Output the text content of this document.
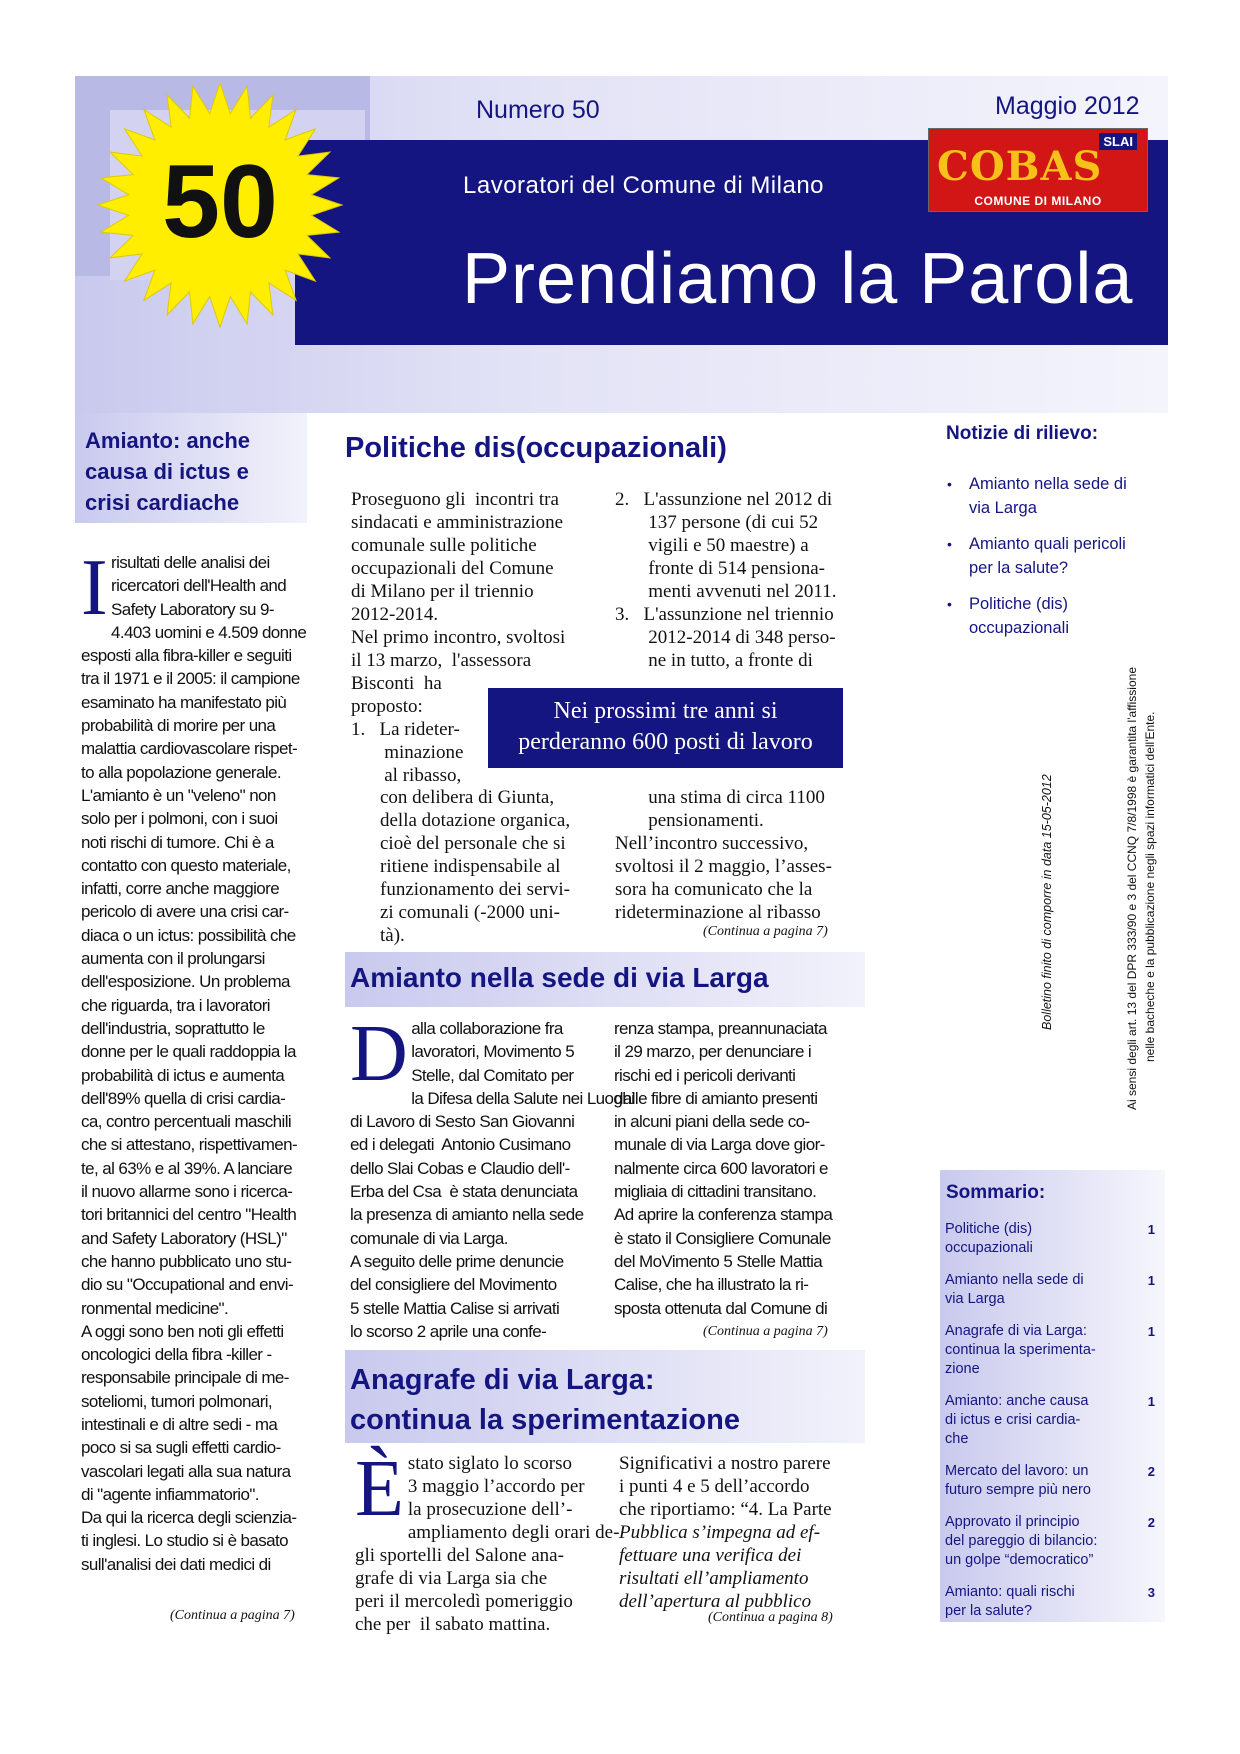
50
Numero 50	Maggio 2012
Lavoratori del Comune di Milano
Prendiamo la Parola
SLAI
COBAS
COMUNE DI MILANO
Amianto: anche
causa di ictus e
crisi cardiache
I risultati delle analisi dei
ricercatori dell'Health and
Safety Laboratory su 9-
4.403 uomini e 4.509 donne
esposti alla fibra-killer e seguiti
tra il 1971 e il 2005: il campione
esaminato ha manifestato più
probabilità di morire per una
malattia cardiovascolare rispet-
to alla popolazione generale.
L'amianto è un "veleno" non
solo per i polmoni, con i suoi
noti rischi di tumore. Chi è a
contatto con questo materiale,
infatti, corre anche maggiore
pericolo di avere una crisi car-
diaca o un ictus: possibilità che
aumenta con il prolungarsi
dell'esposizione. Un problema
che riguarda, tra i lavoratori
dell'industria, soprattutto le
donne per le quali raddoppia la
probabilità di ictus e aumenta
dell'89% quella di crisi cardia-
ca, contro percentuali maschili
che si attestano, rispettivamen-
te, al 63% e al 39%. A lanciare
il nuovo allarme sono i ricerca-
tori britannici del centro "Health
and Safety Laboratory (HSL)"
che hanno pubblicato uno stu-
dio su "Occupational and envi-
ronmental medicine".
A oggi sono ben noti gli effetti
oncologici della fibra -killer -
responsabile principale di me-
soteliomi, tumori polmonari,
intestinali e di altre sedi - ma
poco si sa sugli effetti cardio-
vascolari legati alla sua natura
di "agente infiammatorio".
Da qui la ricerca degli scienzia-
ti inglesi. Lo studio si è basato
sull'analisi dei dati medici di
(Continua a pagina 7)
Politiche dis(occupazionali)
Proseguono gli  incontri tra
sindacati e amministrazione
comunale sulle politiche
occupazionali del Comune
di Milano per il triennio
2012-2014.
Nel primo incontro, svoltosi
il 13 marzo,  l'assessora
Bisconti  ha
proposto:
1.   La rideter-
minazione
al ribasso,
2.   L'assunzione nel 2012 di
137 persone (di cui 52
vigili e 50 maestre) a
fronte di 514 pensiona-
menti avvenuti nel 2011.
3.   L'assunzione nel triennio
2012-2014 di 348 perso-
ne in tutto, a fronte di
Nei prossimi tre anni si
perderanno 600 posti di lavoro
con delibera di Giunta,
della dotazione organica,
cioè del personale che si
ritiene indispensabile al
funzionamento dei servi-
zi comunali (-2000 uni-
tà).
una stima di circa 1100
pensionamenti.
Nell’incontro successivo,
svoltosi il 2 maggio, l’asses-
sora ha comunicato che la
rideterminazione al ribasso
(Continua a pagina 7)
Amianto nella sede di via Larga
D alla collaborazione fra
lavoratori, Movimento 5
Stelle, dal Comitato per
la Difesa della Salute nei Luoghi
di Lavoro di Sesto San Giovanni
ed i delegati  Antonio Cusimano
dello Slai Cobas e Claudio dell'-
Erba del Csa  è stata denunciata
la presenza di amianto nella sede
comunale di via Larga.
A seguito delle prime denuncie
del consigliere del Movimento
5 stelle Mattia Calise si arrivati
lo scorso 2 aprile una confe-
renza stampa, preannunaciata
il 29 marzo, per denunciare i
rischi ed i pericoli derivanti
dalle fibre di amianto presenti
in alcuni piani della sede co-
munale di via Larga dove gior-
nalmente circa 600 lavoratori e
migliaia di cittadini transitano.
Ad aprire la conferenza stampa
è stato il Consigliere Comunale
del MoVimento 5 Stelle Mattia
Calise, che ha illustrato la ri-
sposta ottenuta dal Comune di
(Continua a pagina 7)
Anagrafe di via Larga:
continua la sperimentazione
È stato siglato lo scorso
3 maggio l’accordo per
la prosecuzione dell’-
ampliamento degli orari de-
gli sportelli del Salone ana-
grafe di via Larga sia che
peri il mercoledì pomeriggio
che per  il sabato mattina.
Significativi a nostro parere
i punti 4 e 5 dell’accordo
che riportiamo: “4. La Parte
Pubblica s’impegna ad ef-
fettuare una verifica dei
risultati ell’ampliamento
dell’apertura al pubblico
(Continua a pagina 8)
Notizie di rilievo:
• Amianto nella sede di
via Larga
• Amianto quali pericoli
per la salute?
• Politiche (dis)
occupazionali
Bolletino finito di comporre in data 15-05-2012	Ai sensi degli art. 13 del DPR 333/90 e 3 del CCNQ 7/8/1998 è garantita l'affissione nelle bacheche e la pubblicazione negli spazi informatici dell'Ente.
Sommario:
Politiche (dis)
occupazionali
1
Amianto nella sede di
via Larga
1
Anagrafe di via Larga:
continua la sperimenta-
zione
1
Amianto: anche causa
di ictus e crisi cardia-
che
1
Mercato del lavoro: un
futuro sempre più nero
2
Approvato il principio
del pareggio di bilancio:
un golpe “democratico”
2
Amianto: quali rischi
per la salute?
3
